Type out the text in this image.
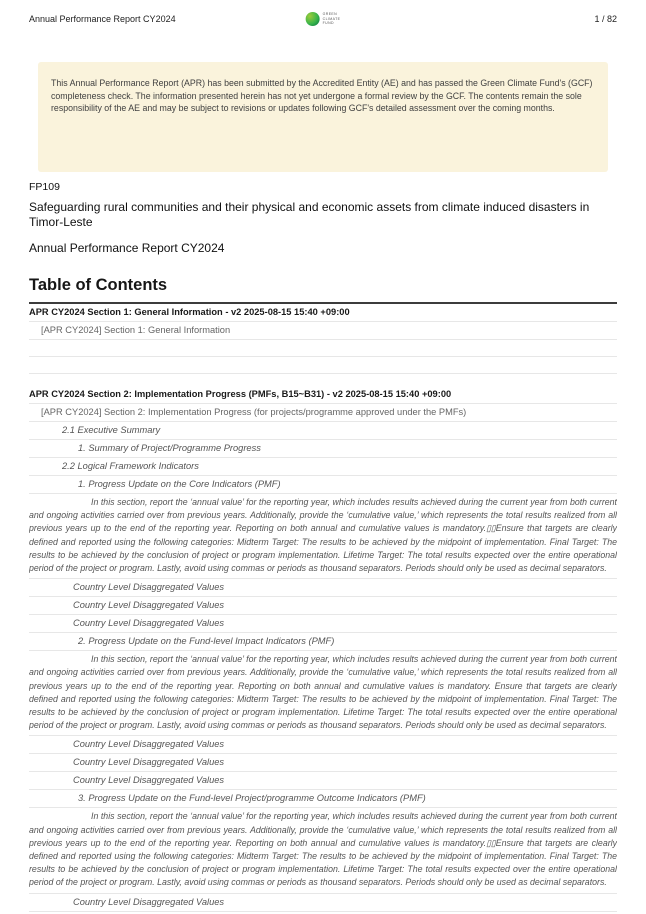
Annual Performance Report CY2024	GREEN
CLIMATE
FUND	1 / 82
This Annual Performance Report (APR) has been submitted by the Accredited Entity (AE) and has passed the Green Climate Fund's (GCF) completeness check. The information presented herein has not yet undergone a formal review by the GCF. The contents remain the sole responsibility of the AE and may be subject to revisions or updates following GCF's detailed assessment over the coming months.
FP109
Safeguarding rural communities and their physical and economic assets from climate induced disasters in Timor-Leste
Annual Performance Report CY2024
Table of Contents
APR CY2024 Section 1: General Information - v2 2025-08-15 15:40 +09:00
[APR CY2024] Section 1: General Information
APR CY2024 Section 2: Implementation Progress (PMFs, B15~B31) - v2 2025-08-15 15:40 +09:00
[APR CY2024] Section 2: Implementation Progress (for projects/programme approved under the PMFs)
2.1 Executive Summary
1. Summary of Project/Programme Progress
2.2 Logical Framework Indicators
1. Progress Update on the Core Indicators (PMF)
In this section, report the ‘annual value’ for the reporting year, which includes results achieved during the current year from both current and ongoing activities carried over from previous years. Additionally, provide the ‘cumulative value,’ which represents the total results realized from all previous years up to the end of the reporting year. Reporting on both annual and cumulative values is mandatory.▯▯Ensure that targets are clearly defined and reported using the following categories: Midterm Target: The results to be achieved by the midpoint of implementation. Final Target: The results to be achieved by the conclusion of project or program implementation. Lifetime Target: The total results expected over the entire operational period of the project or program. Lastly, avoid using commas or periods as thousand separators. Periods should only be used as decimal separators.
Country Level Disaggregated Values
Country Level Disaggregated Values
Country Level Disaggregated Values
2. Progress Update on the Fund-level Impact Indicators (PMF)
In this section, report the ‘annual value’ for the reporting year, which includes results achieved during the current year from both current and ongoing activities carried over from previous years. Additionally, provide the ‘cumulative value,’ which represents the total results realized from all previous years up to the end of the reporting year. Reporting on both annual and cumulative values is mandatory. Ensure that targets are clearly defined and reported using the following categories: Midterm Target: The results to be achieved by the midpoint of implementation. Final Target: The results to be achieved by the conclusion of project or program implementation. Lifetime Target: The total results expected over the entire operational period of the project or program. Lastly, avoid using commas or periods as thousand separators. Periods should only be used as decimal separators.
Country Level Disaggregated Values
Country Level Disaggregated Values
Country Level Disaggregated Values
3. Progress Update on the Fund-level Project/programme Outcome Indicators (PMF)
In this section, report the ‘annual value’ for the reporting year, which includes results achieved during the current year from both current and ongoing activities carried over from previous years. Additionally, provide the ‘cumulative value,’ which represents the total results realized from all previous years up to the end of the reporting year. Reporting on both annual and cumulative values is mandatory.▯▯Ensure that targets are clearly defined and reported using the following categories: Midterm Target: The results to be achieved by the midpoint of implementation. Final Target: The results to be achieved by the conclusion of project or program implementation. Lifetime Target: The total results expected over the entire operational period of the project or program. Lastly, avoid using commas or periods as thousand separators. Periods should only be used as decimal separators.
Country Level Disaggregated Values
